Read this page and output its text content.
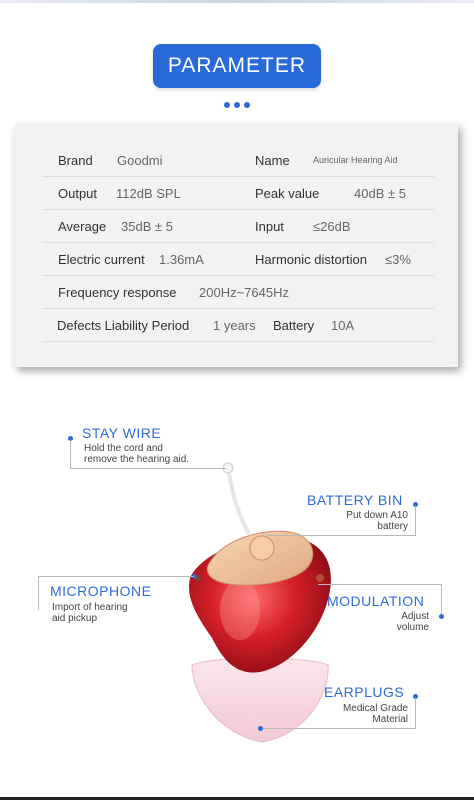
PARAMETER
Brand Goodmi	Name	Auricular Hearing Aid
Output 112dB SPL	Peak value	40dB ± 5
Average 35dB ± 5	Input ≤26dB
Electric current 1.36mA	Harmonic distortion ≤3%
Frequency response 200Hz~7645Hz
Defects Liability Period 1 years Battery 10A
STAY WIRE
Hold the cord and
remove the hearing aid.
BATTERY BIN
Put down A10
battery
MICROPHONE
Import of hearing
aid pickup
MODULATION
Adjust
volume
EARPLUGS
Medical Grade
Material
